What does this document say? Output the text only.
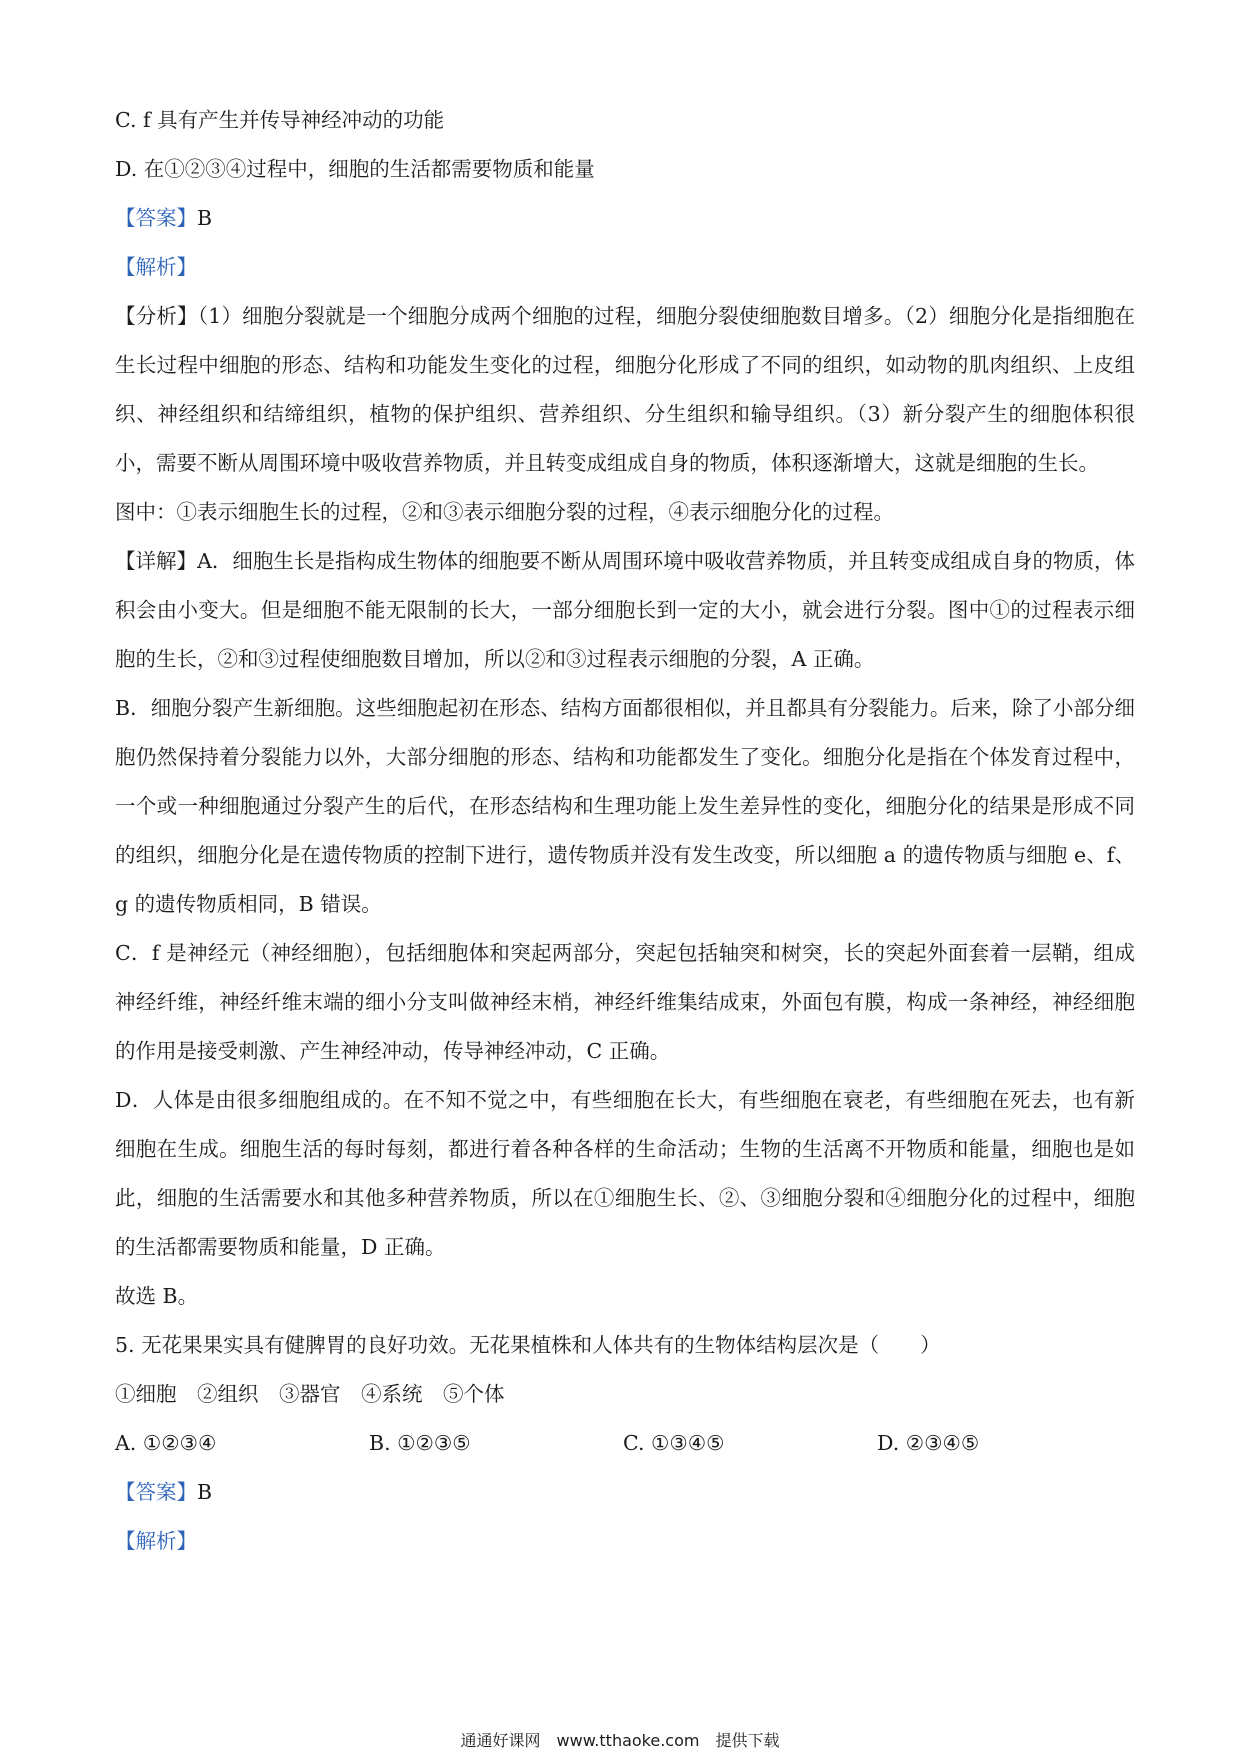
C. f 具有产生并传导神经冲动的功能
D. 在①②③④过程中，细胞的生活都需要物质和能量
【答案】B
【解析】
【分析】（1）细胞分裂就是一个细胞分成两个细胞的过程，细胞分裂使细胞数目增多。（2）细胞分化是指细胞在生长过程中细胞的形态、结构和功能发生变化的过程，细胞分化形成了不同的组织，如动物的肌肉组织、上皮组织、神经组织和结缔组织，植物的保护组织、营养组织、分生组织和输导组织。（3）新分裂产生的细胞体积很小，需要不断从周围环境中吸收营养物质，并且转变成组成自身的物质，体积逐渐增大，这就是细胞的生长。
图中：①表示细胞生长的过程，②和③表示细胞分裂的过程，④表示细胞分化的过程。
【详解】A．细胞生长是指构成生物体的细胞要不断从周围环境中吸收营养物质，并且转变成组成自身的物质，体积会由小变大。但是细胞不能无限制的长大，一部分细胞长到一定的大小，就会进行分裂。图中①的过程表示细胞的生长，②和③过程使细胞数目增加，所以②和③过程表示细胞的分裂，A 正确。
B．细胞分裂产生新细胞。这些细胞起初在形态、结构方面都很相似，并且都具有分裂能力。后来，除了小部分细胞仍然保持着分裂能力以外，大部分细胞的形态、结构和功能都发生了变化。细胞分化是指在个体发育过程中，一个或一种细胞通过分裂产生的后代，在形态结构和生理功能上发生差异性的变化，细胞分化的结果是形成不同的组织，细胞分化是在遗传物质的控制下进行，遗传物质并没有发生改变，所以细胞 a 的遗传物质与细胞 e、f、g 的遗传物质相同，B 错误。
C．f 是神经元（神经细胞），包括细胞体和突起两部分，突起包括轴突和树突，长的突起外面套着一层鞘，组成神经纤维，神经纤维末端的细小分支叫做神经末梢，神经纤维集结成束，外面包有膜，构成一条神经，神经细胞的作用是接受刺激、产生神经冲动，传导神经冲动，C 正确。
D．人体是由很多细胞组成的。在不知不觉之中，有些细胞在长大，有些细胞在衰老，有些细胞在死去，也有新细胞在生成。细胞生活的每时每刻，都进行着各种各样的生命活动；生物的生活离不开物质和能量，细胞也是如此，细胞的生活需要水和其他多种营养物质，所以在①细胞生长、②、③细胞分裂和④细胞分化的过程中，细胞的生活都需要物质和能量，D 正确。
故选 B。
5. 无花果果实具有健脾胃的良好功效。无花果植株和人体共有的生物体结构层次是（　　）
①细胞　②组织　③器官　④系统　⑤个体
A. ①②③④	B. ①②③⑤	C. ①③④⑤	D. ②③④⑤
【答案】B
【解析】
通通好课网　www.tthaoke.com　提供下载
